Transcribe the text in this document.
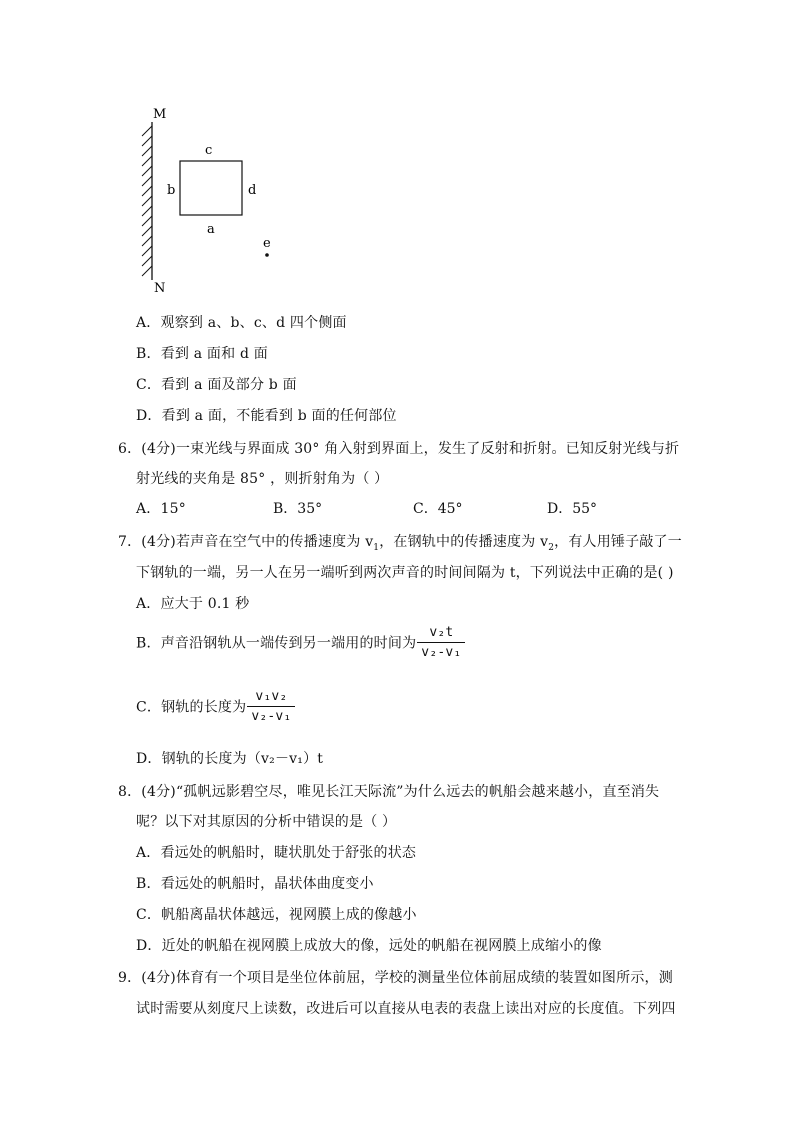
M
N
c
b	d
a
e
A．观察到 a、b、c、d 四个侧面
B．看到 a 面和 d 面
C．看到 a 面及部分 b 面
D．看到 a 面，不能看到 b 面的任何部位
6．(4分)一束光线与界面成 30° 角入射到界面上，发生了反射和折射。已知反射光线与折
射光线的夹角是 85° ，则折射角为（ ）
A．15°	B．35°	C．45°	D．55°
7．(4分)若声音在空气中的传播速度为 $v_1$，在钢轨中的传播速度为 $v_2$，有人用锤子敲了一
下钢轨的一端，另一人在另一端听到两次声音的时间间隔为 t，下列说法中正确的是( )
A．应大于 0.1 秒
B．声音沿钢轨从一端传到另一端用的时间为 $\frac{\text{v₂t}}{\text{v₂-v₁}}$
C．钢轨的长度为 $\frac{\text{v₁v₂}}{\text{v₂-v₁}}$
D．钢轨的长度为（v₂－v₁）t
8．(4分)“孤帆远影碧空尽，唯见长江天际流”为什么远去的帆船会越来越小，直至消失
呢？以下对其原因的分析中错误的是（ ）
A．看远处的帆船时，睫状肌处于舒张的状态
B．看远处的帆船时，晶状体曲度变小
C．帆船离晶状体越远，视网膜上成的像越小
D．近处的帆船在视网膜上成放大的像，远处的帆船在视网膜上成缩小的像
9．(4分)体育有一个项目是坐位体前屈，学校的测量坐位体前屈成绩的装置如图所示，测
试时需要从刻度尺上读数，改进后可以直接从电表的表盘上读出对应的长度值。下列四
